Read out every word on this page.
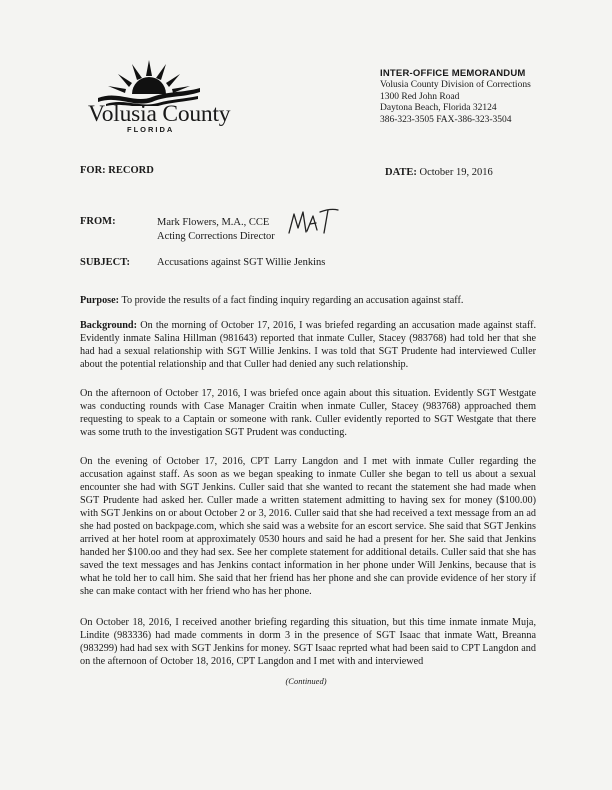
Volusia County
FLORIDA
INTER-OFFICE MEMORANDUM
Volusia County Division of Corrections
1300 Red John Road
Daytona Beach, Florida 32124
386-323-3505 FAX-386-323-3504
FOR: RECORD	DATE: October 19, 2016
FROM:	Mark Flowers, M.A., CCE
Acting Corrections Director
SUBJECT:	Accusations against SGT Willie Jenkins
Purpose: To provide the results of a fact finding inquiry regarding an accusation against staff.
Background: On the morning of October 17, 2016, I was briefed regarding an accusation made against staff. Evidently inmate Salina Hillman (981643) reported that inmate Culler, Stacey (983768) had told her that she had had a sexual relationship with SGT Willie Jenkins. I was told that SGT Prudente had interviewed Culler about the potential relationship and that Culler had denied any such relationship.
On the afternoon of October 17, 2016, I was briefed once again about this situation. Evidently SGT Westgate was conducting rounds with Case Manager Craitin when inmate Culler, Stacey (983768) approached them requesting to speak to a Captain or someone with rank. Culler evidently reported to SGT Westgate that there was some truth to the investigation SGT Prudent was conducting.
On the evening of October 17, 2016, CPT Larry Langdon and I met with inmate Culler regarding the accusation against staff. As soon as we began speaking to inmate Culler she began to tell us about a sexual encounter she had with SGT Jenkins. Culler said that she wanted to recant the statement she had made when SGT Prudente had asked her. Culler made a written statement admitting to having sex for money ($100.00) with SGT Jenkins on or about October 2 or 3, 2016. Culler said that she had received a text message from an ad she had posted on backpage.com, which she said was a website for an escort service. She said that SGT Jenkins arrived at her hotel room at approximately 0530 hours and said he had a present for her. She said that Jenkins handed her $100.oo and they had sex. See her complete statement for additional details. Culler said that she has saved the text messages and has Jenkins contact information in her phone under Will Jenkins, because that is what he told her to call him. She said that her friend has her phone and she can provide evidence of her story if she can make contact with her friend who has her phone.
On October 18, 2016, I received another briefing regarding this situation, but this time inmate inmate Muja, Lindite (983336) had made comments in dorm 3 in the presence of SGT Isaac that inmate Watt, Breanna (983299) had had sex with SGT Jenkins for money. SGT Isaac reprted what had been said to CPT Langdon and on the afternoon of October 18, 2016, CPT Langdon and I met with and interviewed
(Continued)
